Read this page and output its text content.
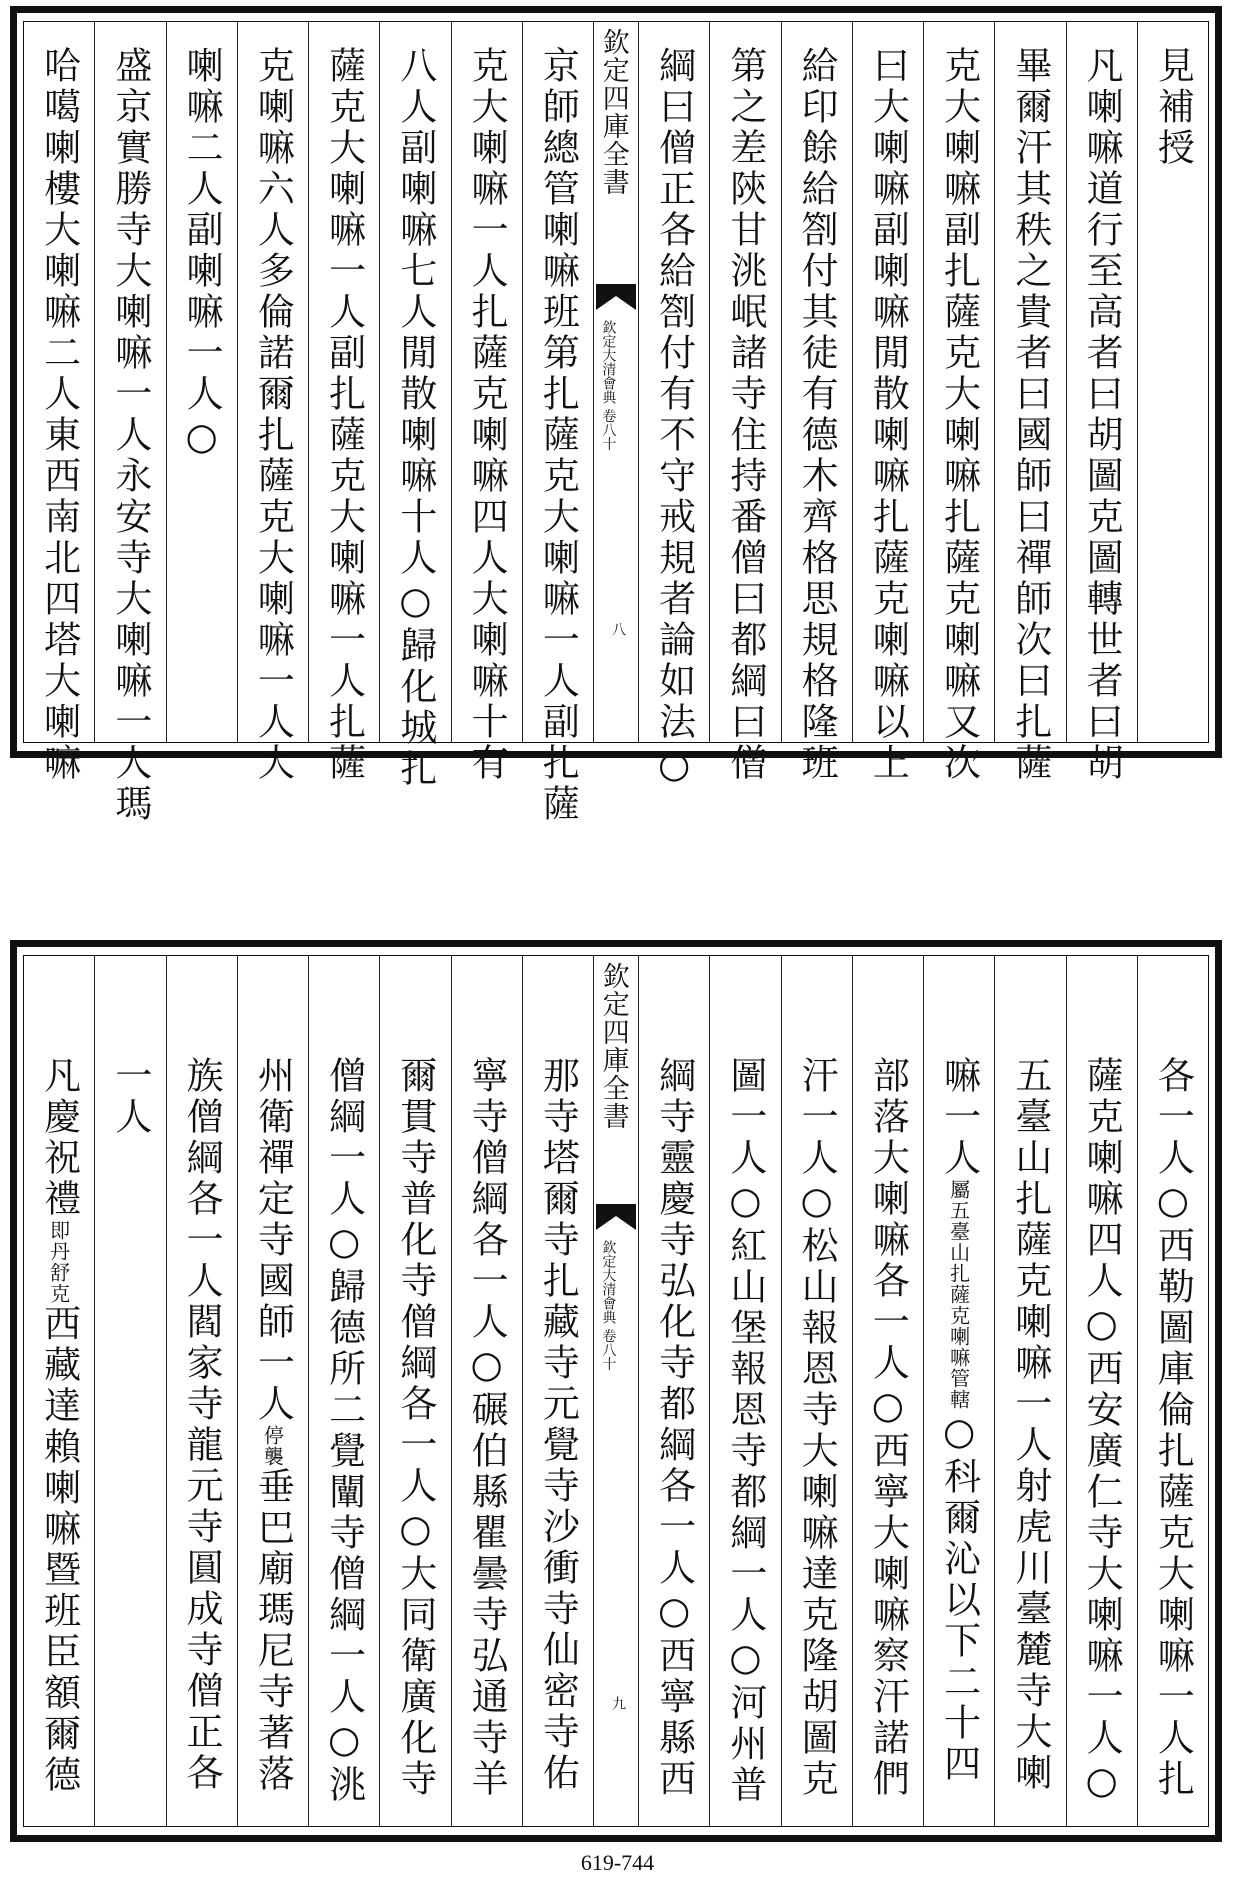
見補授
凡喇嘛道行至高者曰胡圖克圖轉世者曰胡
畢爾汗其秩之貴者曰國師曰禪師次曰扎薩
克大喇嘛副扎薩克大喇嘛扎薩克喇嘛又次
曰大喇嘛副喇嘛閒散喇嘛扎薩克喇嘛以上
給印餘給劄付其徒有德木齊格思規格隆班
第之差陝甘洮岷諸寺住持番僧曰都綱曰僧
綱曰僧正各給劄付有不守戒規者論如法○
欽定四庫全書
欽定大清會典 卷八十
八
京師總管喇嘛班第扎薩克大喇嘛一人副扎薩
克大喇嘛一人扎薩克喇嘛四人大喇嘛十有
八人副喇嘛七人閒散喇嘛十人○歸化城扎
薩克大喇嘛一人副扎薩克大喇嘛一人扎薩
克喇嘛六人多倫諾爾扎薩克大喇嘛一人大
喇嘛二人副喇嘛一人○
盛京實勝寺大喇嘛一人永安寺大喇嘛一人瑪
哈噶喇樓大喇嘛二人東西南北四塔大喇嘛
各一人○西勒圖庫倫扎薩克大喇嘛一人扎
薩克喇嘛四人○西安廣仁寺大喇嘛一人○
五臺山扎薩克喇嘛一人射虎川臺麓寺大喇
嘛一人屬五臺山扎薩克喇嘛管轄○科爾沁以下二十四
部落大喇嘛各一人○西寧大喇嘛察汗諾們
汗一人○松山報恩寺大喇嘛達克隆胡圖克
圖一人○紅山堡報恩寺都綱一人○河州普
綱寺靈慶寺弘化寺都綱各一人○西寧縣西
欽定四庫全書
欽定大清會典 卷八十
九
那寺塔爾寺扎藏寺元覺寺沙衝寺仙密寺佑
寧寺僧綱各一人○碾伯縣瞿曇寺弘通寺羊
爾貫寺普化寺僧綱各一人○大同衛廣化寺
僧綱一人○歸德所二覺闡寺僧綱一人○洮
州衛禪定寺國師一人停襲垂巴廟瑪尼寺著落
族僧綱各一人閻家寺龍元寺圓成寺僧正各
一人
凡慶祝禮即丹舒克西藏達賴喇嘛暨班臣額爾德
619-744
